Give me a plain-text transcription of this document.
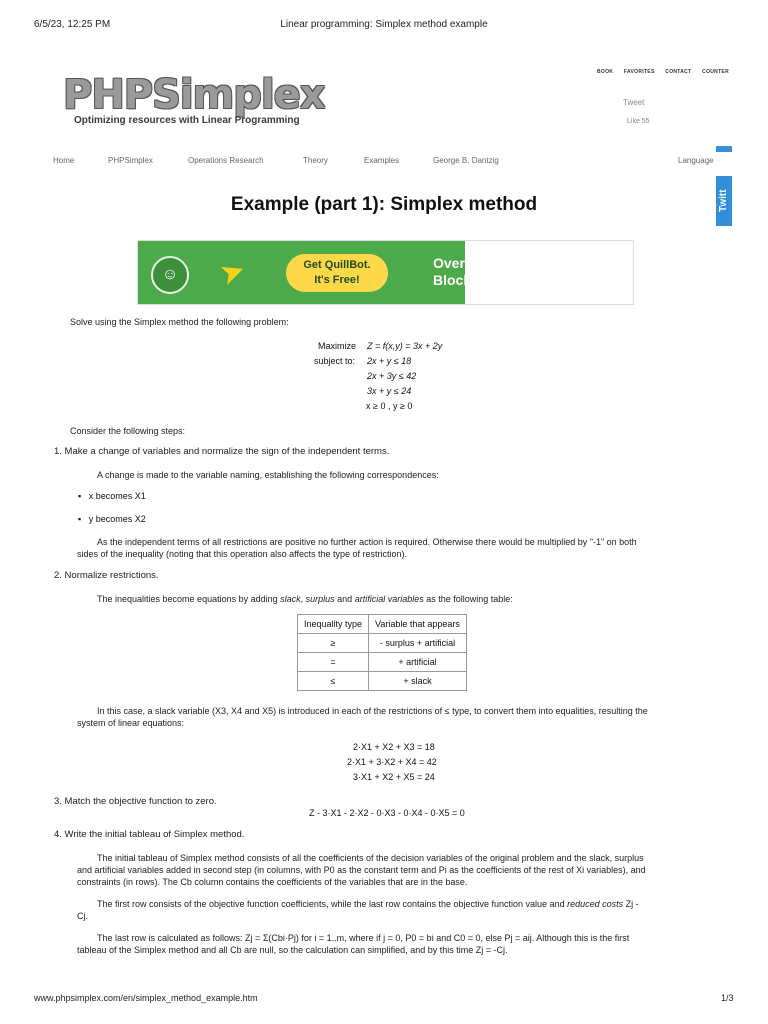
6/5/23, 12:25 PM	Linear programming: Simplex method example
PHPSimplex
Optimizing resources with Linear Programming
BOOK FAVORITES CONTACT COUNTER
Tweet
Like 55
Home	PHPSimplex	Operations Research	Theory	Examples	George B. Dantzig	Language
Twitt
Example (part 1): Simplex method
☺	➤	Get QuillBot.
It's Free!
Over
Block
Solve using the Simplex method the following problem:
Maximize Z = f(x,y) = 3x + 2y
subject to: 2x + y ≤ 18
2x + 3y ≤ 42
3x + y ≤ 24
x ≥ 0 , y ≥ 0
Consider the following steps:
1. Make a change of variables and normalize the sign of the independent terms.
A change is made to the variable naming, establishing the following correspondences:
▪   x becomes X1
▪   y becomes X2
As the independent terms of all restrictions are positive no further action is required. Otherwise there would be multiplied by "-1" on both
sides of the inequality (noting that this operation also affects the type of restriction).
2. Normalize restrictions.
The inequalities become equations by adding slack, surplus and artificial variables as the following table:
Inequality type	Variable that appears
≥	- surplus + artificial
=	+ artificial
≤	+ slack
In this case, a slack variable (X3, X4 and X5) is introduced in each of the restrictions of ≤ type, to convert them into equalities, resulting the
system of linear equations:
2·X1 + X2 + X3 = 18
2·X1 + 3·X2 + X4 = 42
3·X1 + X2 + X5 = 24
3. Match the objective function to zero.
Z - 3·X1 - 2·X2 - 0·X3 - 0·X4 - 0·X5 = 0
4. Write the initial tableau of Simplex method.
The initial tableau of Simplex method consists of all the coefficients of the decision variables of the original problem and the slack, surplus
and artificial variables added in second step (in columns, with P0 as the constant term and Pi as the coefficients of the rest of Xi variables), and
constraints (in rows). The Cb column contains the coefficients of the variables that are in the base.
The first row consists of the objective function coefficients, while the last row contains the objective function value and reduced costs Zj -
Cj.
The last row is calculated as follows: Zj = Σ(Cbi·Pj) for i = 1..m, where if j = 0, P0 = bi and C0 = 0, else Pj = aij. Although this is the first
tableau of the Simplex method and all Cb are null, so the calculation can simplified, and by this time Zj = -Cj.
www.phpsimplex.com/en/simplex_method_example.htm	1/3
